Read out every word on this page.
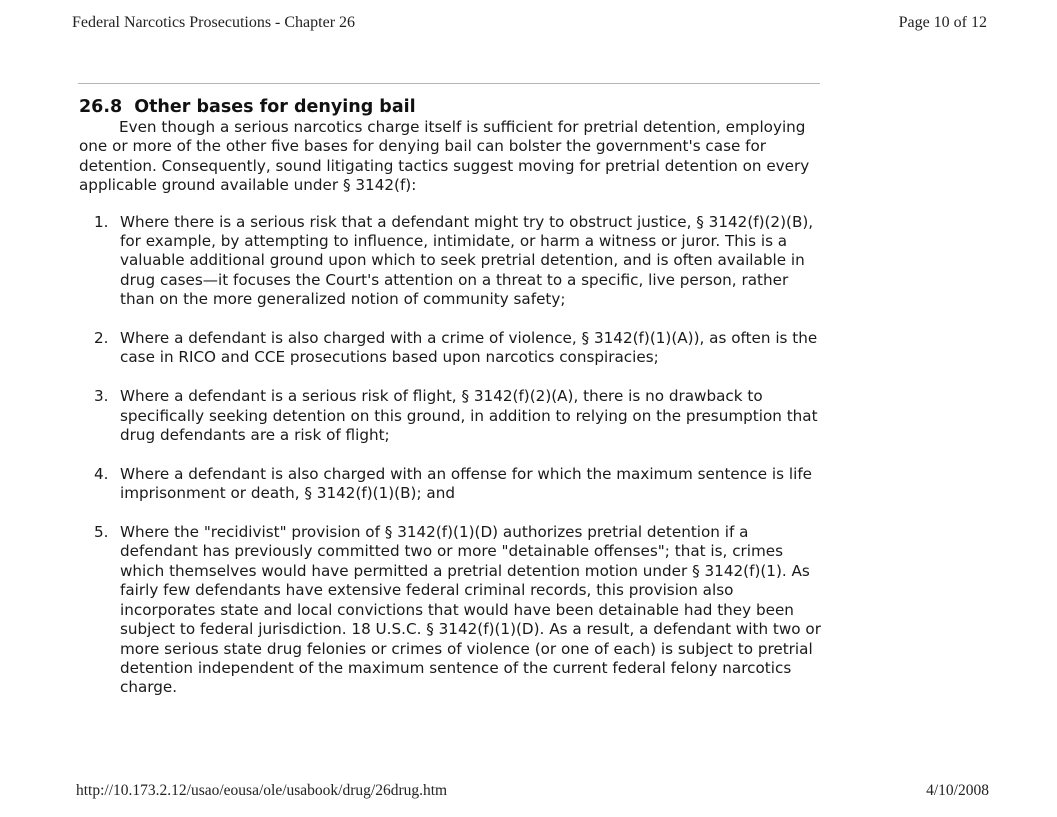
Federal Narcotics Prosecutions - Chapter 26	Page 10 of 12
26.8 Other bases for denying bail

Even though a serious narcotics charge itself is sufficient for pretrial detention, employing one or more of the other five bases for denying bail can bolster the government's case for detention. Consequently, sound litigating tactics suggest moving for pretrial detention on every applicable ground available under § 3142(f):

1. Where there is a serious risk that a defendant might try to obstruct justice, § 3142(f)(2)(B), for example, by attempting to influence, intimidate, or harm a witness or juror. This is a valuable additional ground upon which to seek pretrial detention, and is often available in drug cases—it focuses the Court's attention on a threat to a specific, live person, rather than on the more generalized notion of community safety;
2. Where a defendant is also charged with a crime of violence, § 3142(f)(1)(A)), as often is the case in RICO and CCE prosecutions based upon narcotics conspiracies;
3. Where a defendant is a serious risk of flight, § 3142(f)(2)(A), there is no drawback to specifically seeking detention on this ground, in addition to relying on the presumption that drug defendants are a risk of flight;
4. Where a defendant is also charged with an offense for which the maximum sentence is life imprisonment or death, § 3142(f)(1)(B); and
5. Where the "recidivist" provision of § 3142(f)(1)(D) authorizes pretrial detention if a defendant has previously committed two or more "detainable offenses"; that is, crimes which themselves would have permitted a pretrial detention motion under § 3142(f)(1). As fairly few defendants have extensive federal criminal records, this provision also incorporates state and local convictions that would have been detainable had they been subject to federal jurisdiction. 18 U.S.C. § 3142(f)(1)(D). As a result, a defendant with two or more serious state drug felonies or crimes of violence (or one of each) is subject to pretrial detention independent of the maximum sentence of the current federal felony narcotics charge.
http://10.173.2.12/usao/eousa/ole/usabook/drug/26drug.htm	4/10/2008
